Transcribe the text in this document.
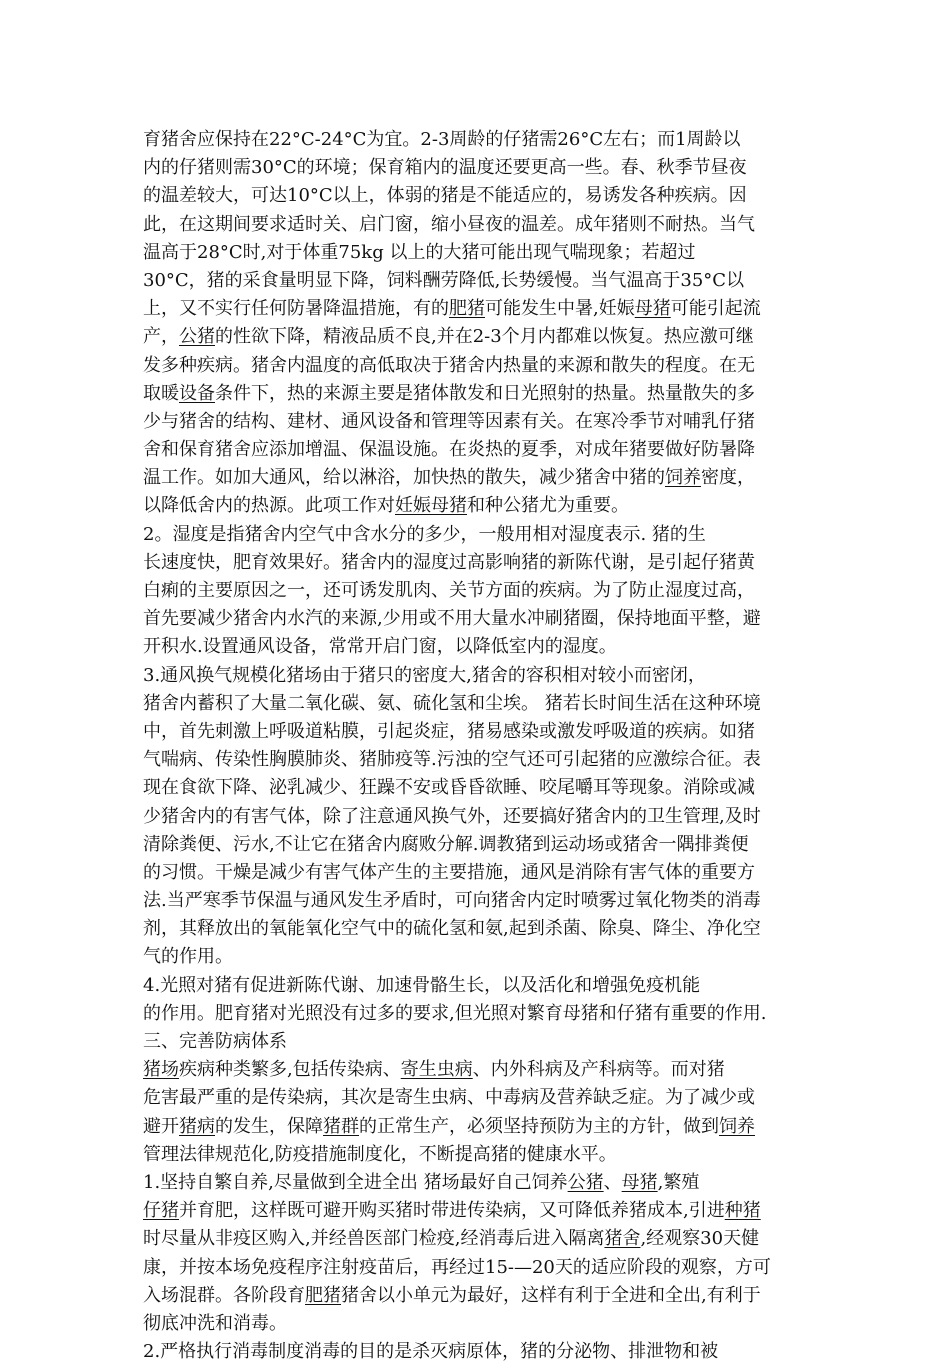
育猪舍应保持在22°C-24°C为宜。2-3周龄的仔猪需26°C左右；而1周龄以
内的仔猪则需30°C的环境；保育箱内的温度还要更高一些。春、秋季节昼夜
的温差较大，可达10°C以上，体弱的猪是不能适应的，易诱发各种疾病。因
此，在这期间要求适时关、启门窗，缩小昼夜的温差。成年猪则不耐热。当气
温高于28°C时,对于体重75kg 以上的大猪可能出现气喘现象；若超过
30°C，猪的采食量明显下降，饲料酬劳降低,长势缓慢。当气温高于35°C以
上，又不实行任何防暑降温措施，有的肥猪可能发生中暑,妊娠母猪可能引起流
产，公猪的性欲下降，精液品质不良,并在2-3个月内都难以恢复。热应激可继
发多种疾病。猪舍内温度的高低取决于猪舍内热量的来源和散失的程度。在无
取暖设备条件下，热的来源主要是猪体散发和日光照射的热量。热量散失的多
少与猪舍的结构、建材、通风设备和管理等因素有关。在寒冷季节对哺乳仔猪
舍和保育猪舍应添加增温、保温设施。在炎热的夏季，对成年猪要做好防暑降
温工作。如加大通风，给以淋浴，加快热的散失，减少猪舍中猪的饲养密度，
以降低舍内的热源。此项工作对妊娠母猪和种公猪尤为重要。
2。湿度是指猪舍内空气中含水分的多少，一般用相对湿度表示. 猪的生
长速度快，肥育效果好。猪舍内的湿度过高影响猪的新陈代谢，是引起仔猪黄
白痢的主要原因之一，还可诱发肌肉、关节方面的疾病。为了防止湿度过高，
首先要减少猪舍内水汽的来源,少用或不用大量水冲刷猪圈，保持地面平整，避
开积水.设置通风设备，常常开启门窗，以降低室内的湿度。
3.通风换气规模化猪场由于猪只的密度大,猪舍的容积相对较小而密闭，
猪舍内蓄积了大量二氧化碳、氨、硫化氢和尘埃。 猪若长时间生活在这种环境
中，首先刺激上呼吸道粘膜，引起炎症，猪易感染或激发呼吸道的疾病。如猪
气喘病、传染性胸膜肺炎、猪肺疫等.污浊的空气还可引起猪的应激综合征。表
现在食欲下降、泌乳减少、狂躁不安或昏昏欲睡、咬尾嚼耳等现象。消除或减
少猪舍内的有害气体，除了注意通风换气外，还要搞好猪舍内的卫生管理,及时
清除粪便、污水,不让它在猪舍内腐败分解.调教猪到运动场或猪舍一隅排粪便
的习惯。干燥是减少有害气体产生的主要措施，通风是消除有害气体的重要方
法.当严寒季节保温与通风发生矛盾时，可向猪舍内定时喷雾过氧化物类的消毒
剂，其释放出的氧能氧化空气中的硫化氢和氨,起到杀菌、除臭、降尘、净化空
气的作用。
4.光照对猪有促进新陈代谢、加速骨骼生长，以及活化和增强免疫机能
的作用。肥育猪对光照没有过多的要求,但光照对繁育母猪和仔猪有重要的作用.
三、完善防病体系
猪场疾病种类繁多,包括传染病、寄生虫病、内外科病及产科病等。而对猪
危害最严重的是传染病，其次是寄生虫病、中毒病及营养缺乏症。为了减少或
避开猪病的发生，保障猪群的正常生产，必须坚持预防为主的方针，做到饲养
管理法律规范化,防疫措施制度化，不断提高猪的健康水平。
1.坚持自繁自养,尽量做到全进全出 猪场最好自己饲养公猪、母猪,繁殖
仔猪并育肥，这样既可避开购买猪时带进传染病，又可降低养猪成本,引进种猪
时尽量从非疫区购入,并经兽医部门检疫,经消毒后进入隔离猪舍,经观察30天健
康，并按本场免疫程序注射疫苗后，再经过15-—20天的适应阶段的观察，方可
入场混群。各阶段育肥猪猪舍以小单元为最好，这样有利于全进和全出,有利于
彻底冲洗和消毒。
2.严格执行消毒制度消毒的目的是杀灭病原体，猪的分泌物、排泄物和被
